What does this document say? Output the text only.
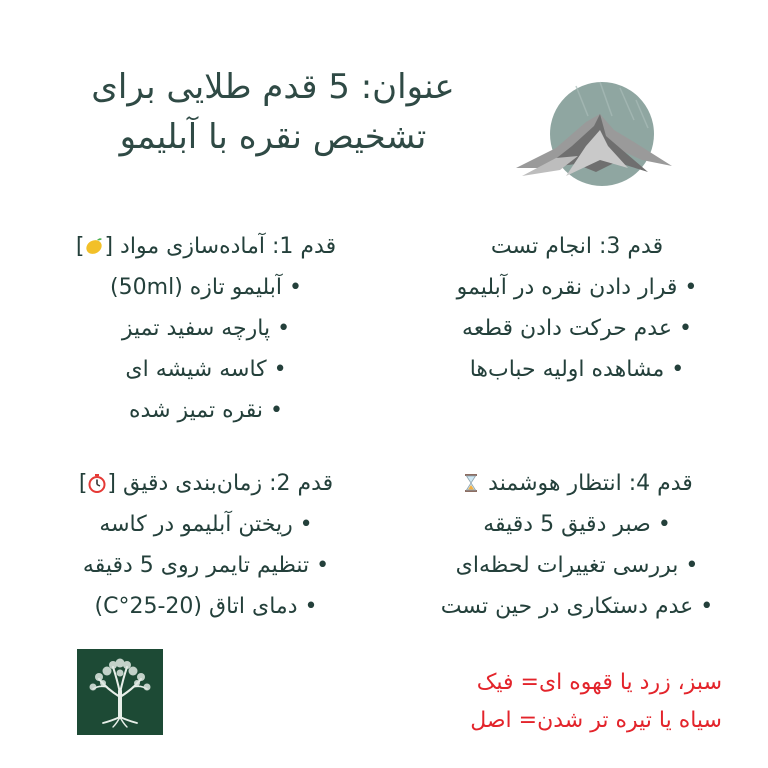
عنوان: 5 قدم طلایی برای
تشخیص نقره با آبلیمو
قدم 1: آماده‌سازی مواد []
• آبلیمو تازه (50ml)
• پارچه سفید تمیز
• کاسه شیشه ای
• نقره تمیز شده
قدم 3: انجام تست
• قرار دادن نقره در آبلیمو
• عدم حرکت دادن قطعه
• مشاهده اولیه حباب‌ها
قدم 2: زمان‌بندی دقیق []
• ریختن آبلیمو در کاسه
• تنظیم تایمر روی 5 دقیقه
• دمای اتاق (20-25°C)
قدم 4: انتظار هوشمند
• صبر دقیق 5 دقیقه
• بررسی تغییرات لحظه‌ای
• عدم دستکاری در حین تست
سبز، زرد یا قهوه ای= فیک
سیاه یا تیره تر شدن= اصل
